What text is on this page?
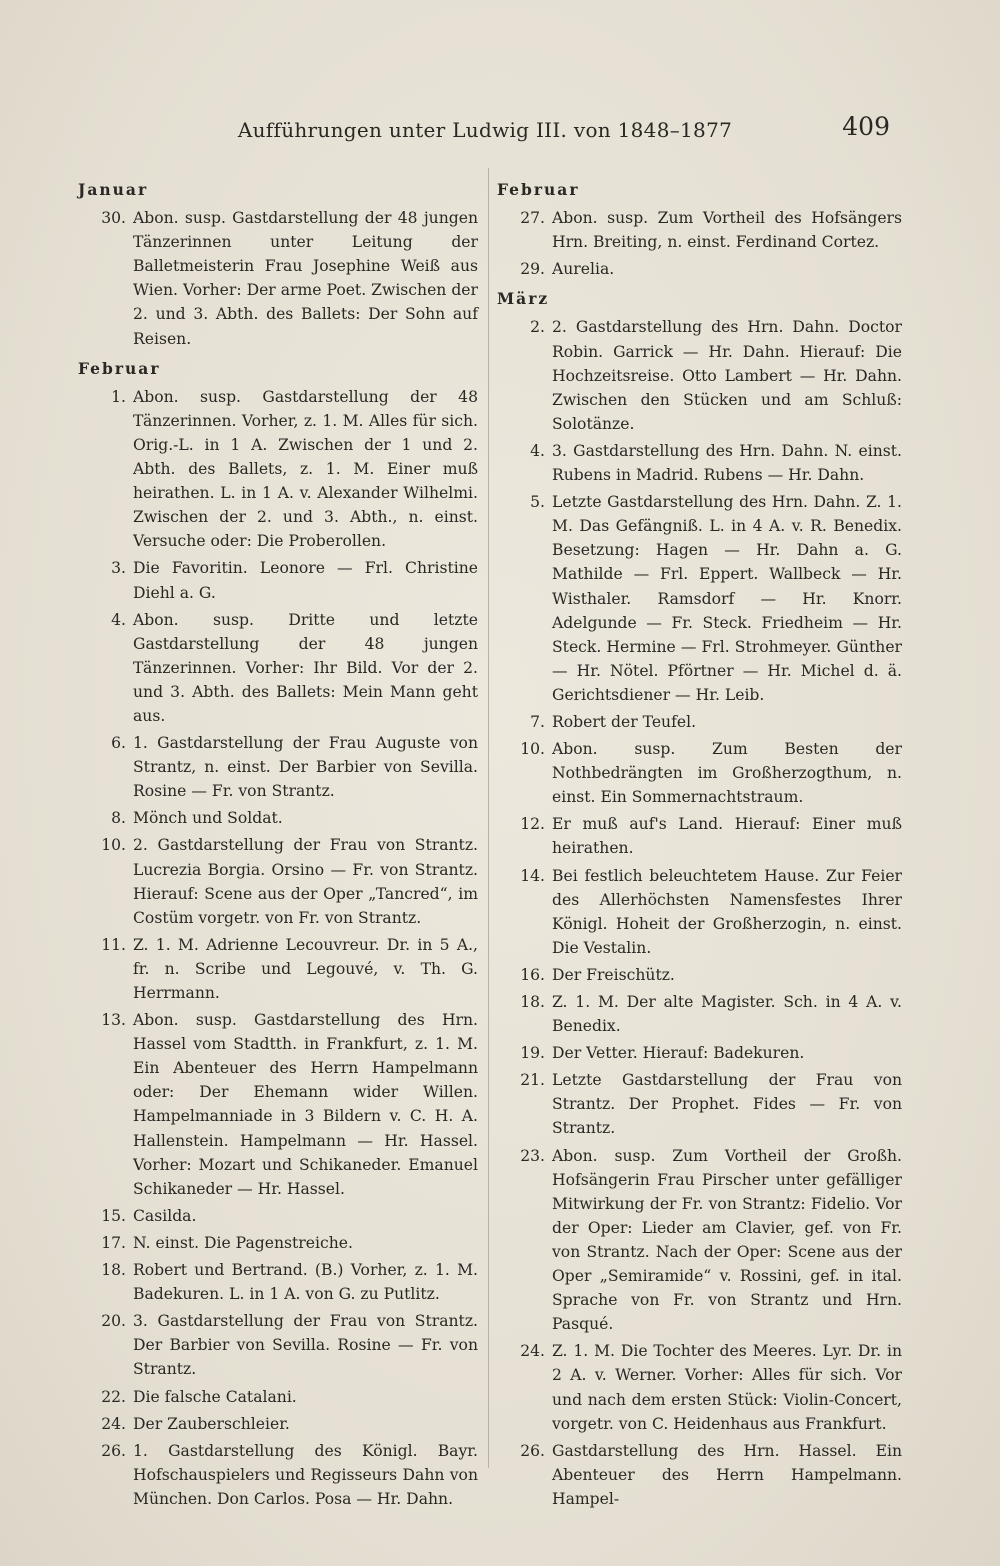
Aufführungen unter Ludwig III. von 1848–1877	409
Januar
30. Abon. susp. Gastdarstellung der 48 jungen Tänzerinnen unter Leitung der Balletmeisterin Frau Josephine Weiß aus Wien. Vorher: Der arme Poet. Zwischen der 2. und 3. Abth. des Ballets: Der Sohn auf Reisen.
Februar
1. Abon. susp. Gastdarstellung der 48 Tänzerinnen. Vorher, z. 1. M. Alles für sich. Orig.-L. in 1 A. Zwischen der 1 und 2. Abth. des Ballets, z. 1. M. Einer muß heirathen. L. in 1 A. v. Alexander Wilhelmi. Zwischen der 2. und 3. Abth., n. einst. Versuche oder: Die Proberollen.
3. Die Favoritin. Leonore — Frl. Christine Diehl a. G.
4. Abon. susp. Dritte und letzte Gastdarstellung der 48 jungen Tänzerinnen. Vorher: Ihr Bild. Vor der 2. und 3. Abth. des Ballets: Mein Mann geht aus.
6. 1. Gastdarstellung der Frau Auguste von Strantz, n. einst. Der Barbier von Sevilla. Rosine — Fr. von Strantz.
8. Mönch und Soldat.
10. 2. Gastdarstellung der Frau von Strantz. Lucrezia Borgia. Orsino — Fr. von Strantz. Hierauf: Scene aus der Oper „Tancred“, im Costüm vorgetr. von Fr. von Strantz.
11. Z. 1. M. Adrienne Lecouvreur. Dr. in 5 A., fr. n. Scribe und Legouvé, v. Th. G. Herrmann.
13. Abon. susp. Gastdarstellung des Hrn. Hassel vom Stadtth. in Frankfurt, z. 1. M. Ein Abenteuer des Herrn Hampelmann oder: Der Ehemann wider Willen. Hampelmanniade in 3 Bildern v. C. H. A. Hallenstein. Hampelmann — Hr. Hassel. Vorher: Mozart und Schikaneder. Emanuel Schikaneder — Hr. Hassel.
15. Casilda.
17. N. einst. Die Pagenstreiche.
18. Robert und Bertrand. (B.) Vorher, z. 1. M. Badekuren. L. in 1 A. von G. zu Putlitz.
20. 3. Gastdarstellung der Frau von Strantz. Der Barbier von Sevilla. Rosine — Fr. von Strantz.
22. Die falsche Catalani.
24. Der Zauberschleier.
26. 1. Gastdarstellung des Königl. Bayr. Hofschauspielers und Regisseurs Dahn von München. Don Carlos. Posa — Hr. Dahn.
Februar
27. Abon. susp. Zum Vortheil des Hofsängers Hrn. Breiting, n. einst. Ferdinand Cortez.
29. Aurelia.
März
2. 2. Gastdarstellung des Hrn. Dahn. Doctor Robin. Garrick — Hr. Dahn. Hierauf: Die Hochzeitsreise. Otto Lambert — Hr. Dahn. Zwischen den Stücken und am Schluß: Solotänze.
4. 3. Gastdarstellung des Hrn. Dahn. N. einst. Rubens in Madrid. Rubens — Hr. Dahn.
5. Letzte Gastdarstellung des Hrn. Dahn. Z. 1. M. Das Gefängniß. L. in 4 A. v. R. Benedix. Besetzung: Hagen — Hr. Dahn a. G. Mathilde — Frl. Eppert. Wallbeck — Hr. Wisthaler. Ramsdorf — Hr. Knorr. Adelgunde — Fr. Steck. Friedheim — Hr. Steck. Hermine — Frl. Strohmeyer. Günther — Hr. Nötel. Pförtner — Hr. Michel d. ä. Gerichtsdiener — Hr. Leib.
7. Robert der Teufel.
10. Abon. susp. Zum Besten der Nothbedrängten im Großherzogthum, n. einst. Ein Sommernachtstraum.
12. Er muß auf's Land. Hierauf: Einer muß heirathen.
14. Bei festlich beleuchtetem Hause. Zur Feier des Allerhöchsten Namensfestes Ihrer Königl. Hoheit der Großherzogin, n. einst. Die Vestalin.
16. Der Freischütz.
18. Z. 1. M. Der alte Magister. Sch. in 4 A. v. Benedix.
19. Der Vetter. Hierauf: Badekuren.
21. Letzte Gastdarstellung der Frau von Strantz. Der Prophet. Fides — Fr. von Strantz.
23. Abon. susp. Zum Vortheil der Großh. Hofsängerin Frau Pirscher unter gefälliger Mitwirkung der Fr. von Strantz: Fidelio. Vor der Oper: Lieder am Clavier, gef. von Fr. von Strantz. Nach der Oper: Scene aus der Oper „Semiramide“ v. Rossini, gef. in ital. Sprache von Fr. von Strantz und Hrn. Pasqué.
24. Z. 1. M. Die Tochter des Meeres. Lyr. Dr. in 2 A. v. Werner. Vorher: Alles für sich. Vor und nach dem ersten Stück: Violin-Concert, vorgetr. von C. Heidenhaus aus Frankfurt.
26. Gastdarstellung des Hrn. Hassel. Ein Abenteuer des Herrn Hampelmann. Hampel-
